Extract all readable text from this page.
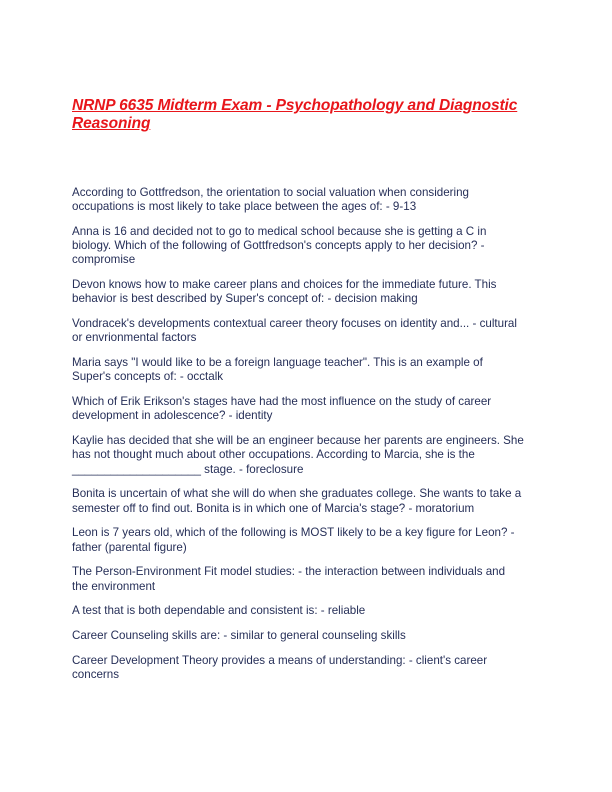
NRNP 6635 Midterm Exam - Psychopathology and Diagnostic
Reasoning

According to Gottfredson, the orientation to social valuation when considering
occupations is most likely to take place between the ages of: - 9-13

Anna is 16 and decided not to go to medical school because she is getting a C in
biology. Which of the following of Gottfredson's concepts apply to her decision? -
compromise

Devon knows how to make career plans and choices for the immediate future. This
behavior is best described by Super's concept of: - decision making

Vondracek's developments contextual career theory focuses on identity and... - cultural
or envrionmental factors

Maria says "I would like to be a foreign language teacher". This is an example of
Super's concepts of: - occtalk

Which of Erik Erikson's stages have had the most influence on the study of career
development in adolescence? - identity

Kaylie has decided that she will be an engineer because her parents are engineers. She
has not thought much about other occupations. According to Marcia, she is the
____________________ stage. - foreclosure

Bonita is uncertain of what she will do when she graduates college. She wants to take a
semester off to find out. Bonita is in which one of Marcia's stage? - moratorium

Leon is 7 years old, which of the following is MOST likely to be a key figure for Leon? -
father (parental figure)

The Person-Environment Fit model studies: - the interaction between individuals and
the environment

A test that is both dependable and consistent is: - reliable

Career Counseling skills are: - similar to general counseling skills

Career Development Theory provides a means of understanding: - client's career
concerns
